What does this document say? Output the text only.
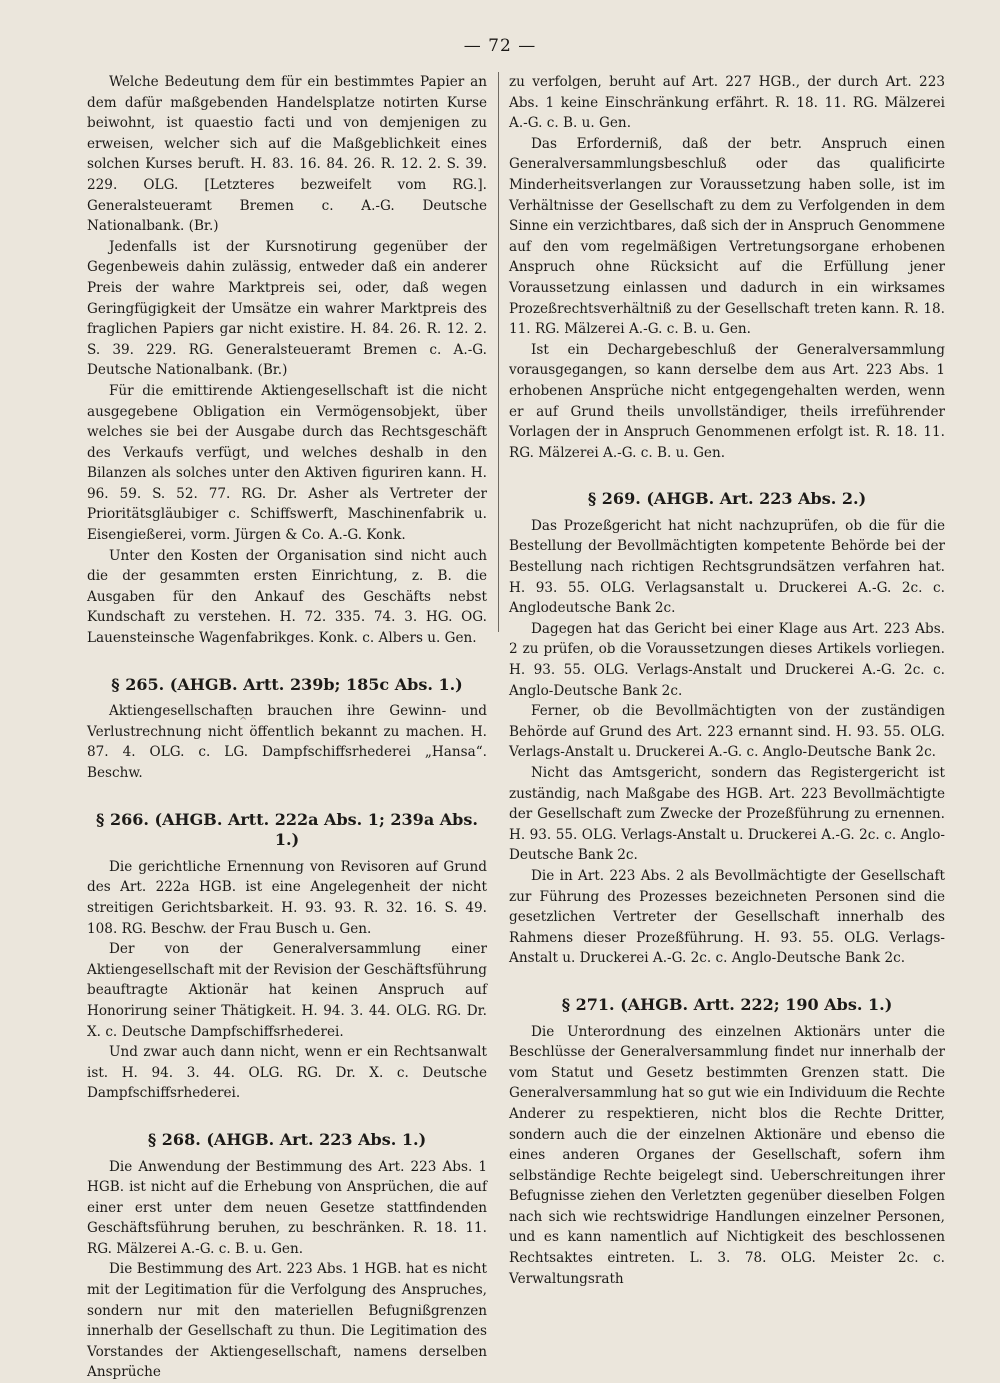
— 72 —

Welche Bedeutung dem für ein bestimmtes Papier an dem dafür maßgebenden Handelsplatze notirten Kurse beiwohnt, ist quaestio facti und von demjenigen zu erweisen, welcher sich auf die Maßgeblichkeit eines solchen Kurses beruft. H. 83. 16. 84. 26. R. 12. 2. S. 39. 229. OLG. [Letzteres bezweifelt vom RG.]. Generalsteueramt Bremen c. A.-G. Deutsche Nationalbank. (Br.)

Jedenfalls ist der Kursnotirung gegenüber der Gegenbeweis dahin zulässig, entweder daß ein anderer Preis der wahre Marktpreis sei, oder, daß wegen Geringfügigkeit der Umsätze ein wahrer Marktpreis des fraglichen Papiers gar nicht existire. H. 84. 26. R. 12. 2. S. 39. 229. RG. Generalsteueramt Bremen c. A.-G. Deutsche Nationalbank. (Br.)

Für die emittirende Aktiengesellschaft ist die nicht ausgegebene Obligation ein Vermögensobjekt, über welches sie bei der Ausgabe durch das Rechtsgeschäft des Verkaufs verfügt, und welches deshalb in den Bilanzen als solches unter den Aktiven figuriren kann. H. 96. 59. S. 52. 77. RG. Dr. Asher als Vertreter der Prioritätsgläubiger c. Schiffswerft, Maschinenfabrik u. Eisengießerei, vorm. Jürgen & Co. A.-G. Konk.

Unter den Kosten der Organisation sind nicht auch die der gesammten ersten Einrichtung, z. B. die Ausgaben für den Ankauf des Geschäfts nebst Kundschaft zu verstehen. H. 72. 335. 74. 3. HG. OG. Lauensteinsche Wagenfabrikges. Konk. c. Albers u. Gen.

§ 265. (AHGB. Artt. 239b; 185c Abs. 1.)

Aktiengesellschaften brauchen ihre Gewinn- und Verlustrechnung nicht öffentlich bekannt zu machen. H. 87. 4. OLG. c. LG. Dampfschiffsrhederei „Hansa“. Beschw.

§ 266. (AHGB. Artt. 222a Abs. 1; 239a Abs. 1.)

Die gerichtliche Ernennung von Revisoren auf Grund des Art. 222a HGB. ist eine Angelegenheit der nicht streitigen Gerichtsbarkeit. H. 93. 93. R. 32. 16. S. 49. 108. RG. Beschw. der Frau Busch u. Gen.

Der von der Generalversammlung einer Aktiengesellschaft mit der Revision der Geschäftsführung beauftragte Aktionär hat keinen Anspruch auf Honorirung seiner Thätigkeit. H. 94. 3. 44. OLG. RG. Dr. X. c. Deutsche Dampfschiffsrhederei.

Und zwar auch dann nicht, wenn er ein Rechtsanwalt ist. H. 94. 3. 44. OLG. RG. Dr. X. c. Deutsche Dampfschiffsrhederei.

§ 268. (AHGB. Art. 223 Abs. 1.)

Die Anwendung der Bestimmung des Art. 223 Abs. 1 HGB. ist nicht auf die Erhebung von Ansprüchen, die auf einer erst unter dem neuen Gesetze stattfindenden Geschäftsführung beruhen, zu beschränken. R. 18. 11. RG. Mälzerei A.-G. c. B. u. Gen.

Die Bestimmung des Art. 223 Abs. 1 HGB. hat es nicht mit der Legitimation für die Verfolgung des Anspruches, sondern nur mit den materiellen Befugnißgrenzen innerhalb der Gesellschaft zu thun. Die Legitimation des Vorstandes der Aktiengesellschaft, namens derselben Ansprüche

zu verfolgen, beruht auf Art. 227 HGB., der durch Art. 223 Abs. 1 keine Einschränkung erfährt. R. 18. 11. RG. Mälzerei A.-G. c. B. u. Gen.

Das Erforderniß, daß der betr. Anspruch einen Generalversammlungsbeschluß oder das qualificirte Minderheitsverlangen zur Voraussetzung haben solle, ist im Verhältnisse der Gesellschaft zu dem zu Verfolgenden in dem Sinne ein verzichtbares, daß sich der in Anspruch Genommene auf den vom regelmäßigen Vertretungsorgane erhobenen Anspruch ohne Rücksicht auf die Erfüllung jener Voraussetzung einlassen und dadurch in ein wirksames Prozeßrechtsverhältniß zu der Gesellschaft treten kann. R. 18. 11. RG. Mälzerei A.-G. c. B. u. Gen.

Ist ein Dechargebeschluß der Generalversammlung vorausgegangen, so kann derselbe dem aus Art. 223 Abs. 1 erhobenen Ansprüche nicht entgegengehalten werden, wenn er auf Grund theils unvollständiger, theils irreführender Vorlagen der in Anspruch Genommenen erfolgt ist. R. 18. 11. RG. Mälzerei A.-G. c. B. u. Gen.

§ 269. (AHGB. Art. 223 Abs. 2.)

Das Prozeßgericht hat nicht nachzuprüfen, ob die für die Bestellung der Bevollmächtigten kompetente Behörde bei der Bestellung nach richtigen Rechtsgrundsätzen verfahren hat. H. 93. 55. OLG. Verlagsanstalt u. Druckerei A.-G. 2c. c. Anglodeutsche Bank 2c.

Dagegen hat das Gericht bei einer Klage aus Art. 223 Abs. 2 zu prüfen, ob die Voraussetzungen dieses Artikels vorliegen. H. 93. 55. OLG. Verlags-Anstalt und Druckerei A.-G. 2c. c. Anglo-Deutsche Bank 2c.

Ferner, ob die Bevollmächtigten von der zuständigen Behörde auf Grund des Art. 223 ernannt sind. H. 93. 55. OLG. Verlags-Anstalt u. Druckerei A.-G. c. Anglo-Deutsche Bank 2c.

Nicht das Amtsgericht, sondern das Registergericht ist zuständig, nach Maßgabe des HGB. Art. 223 Bevollmächtigte der Gesellschaft zum Zwecke der Prozeßführung zu ernennen. H. 93. 55. OLG. Verlags-Anstalt u. Druckerei A.-G. 2c. c. Anglo-Deutsche Bank 2c.

Die in Art. 223 Abs. 2 als Bevollmächtigte der Gesellschaft zur Führung des Prozesses bezeichneten Personen sind die gesetzlichen Vertreter der Gesellschaft innerhalb des Rahmens dieser Prozeßführung. H. 93. 55. OLG. Verlags-Anstalt u. Druckerei A.-G. 2c. c. Anglo-Deutsche Bank 2c.

§ 271. (AHGB. Artt. 222; 190 Abs. 1.)

Die Unterordnung des einzelnen Aktionärs unter die Beschlüsse der Generalversammlung findet nur innerhalb der vom Statut und Gesetz bestimmten Grenzen statt. Die Generalversammlung hat so gut wie ein Individuum die Rechte Anderer zu respektieren, nicht blos die Rechte Dritter, sondern auch die der einzelnen Aktionäre und ebenso die eines anderen Organes der Gesellschaft, sofern ihm selbständige Rechte beigelegt sind. Ueberschreitungen ihrer Befugnisse ziehen den Verletzten gegenüber dieselben Folgen nach sich wie rechtswidrige Handlungen einzelner Personen, und es kann namentlich auf Nichtigkeit des beschlossenen Rechtsaktes eintreten. L. 3. 78. OLG. Meister 2c. c. Verwaltungsrath

^
